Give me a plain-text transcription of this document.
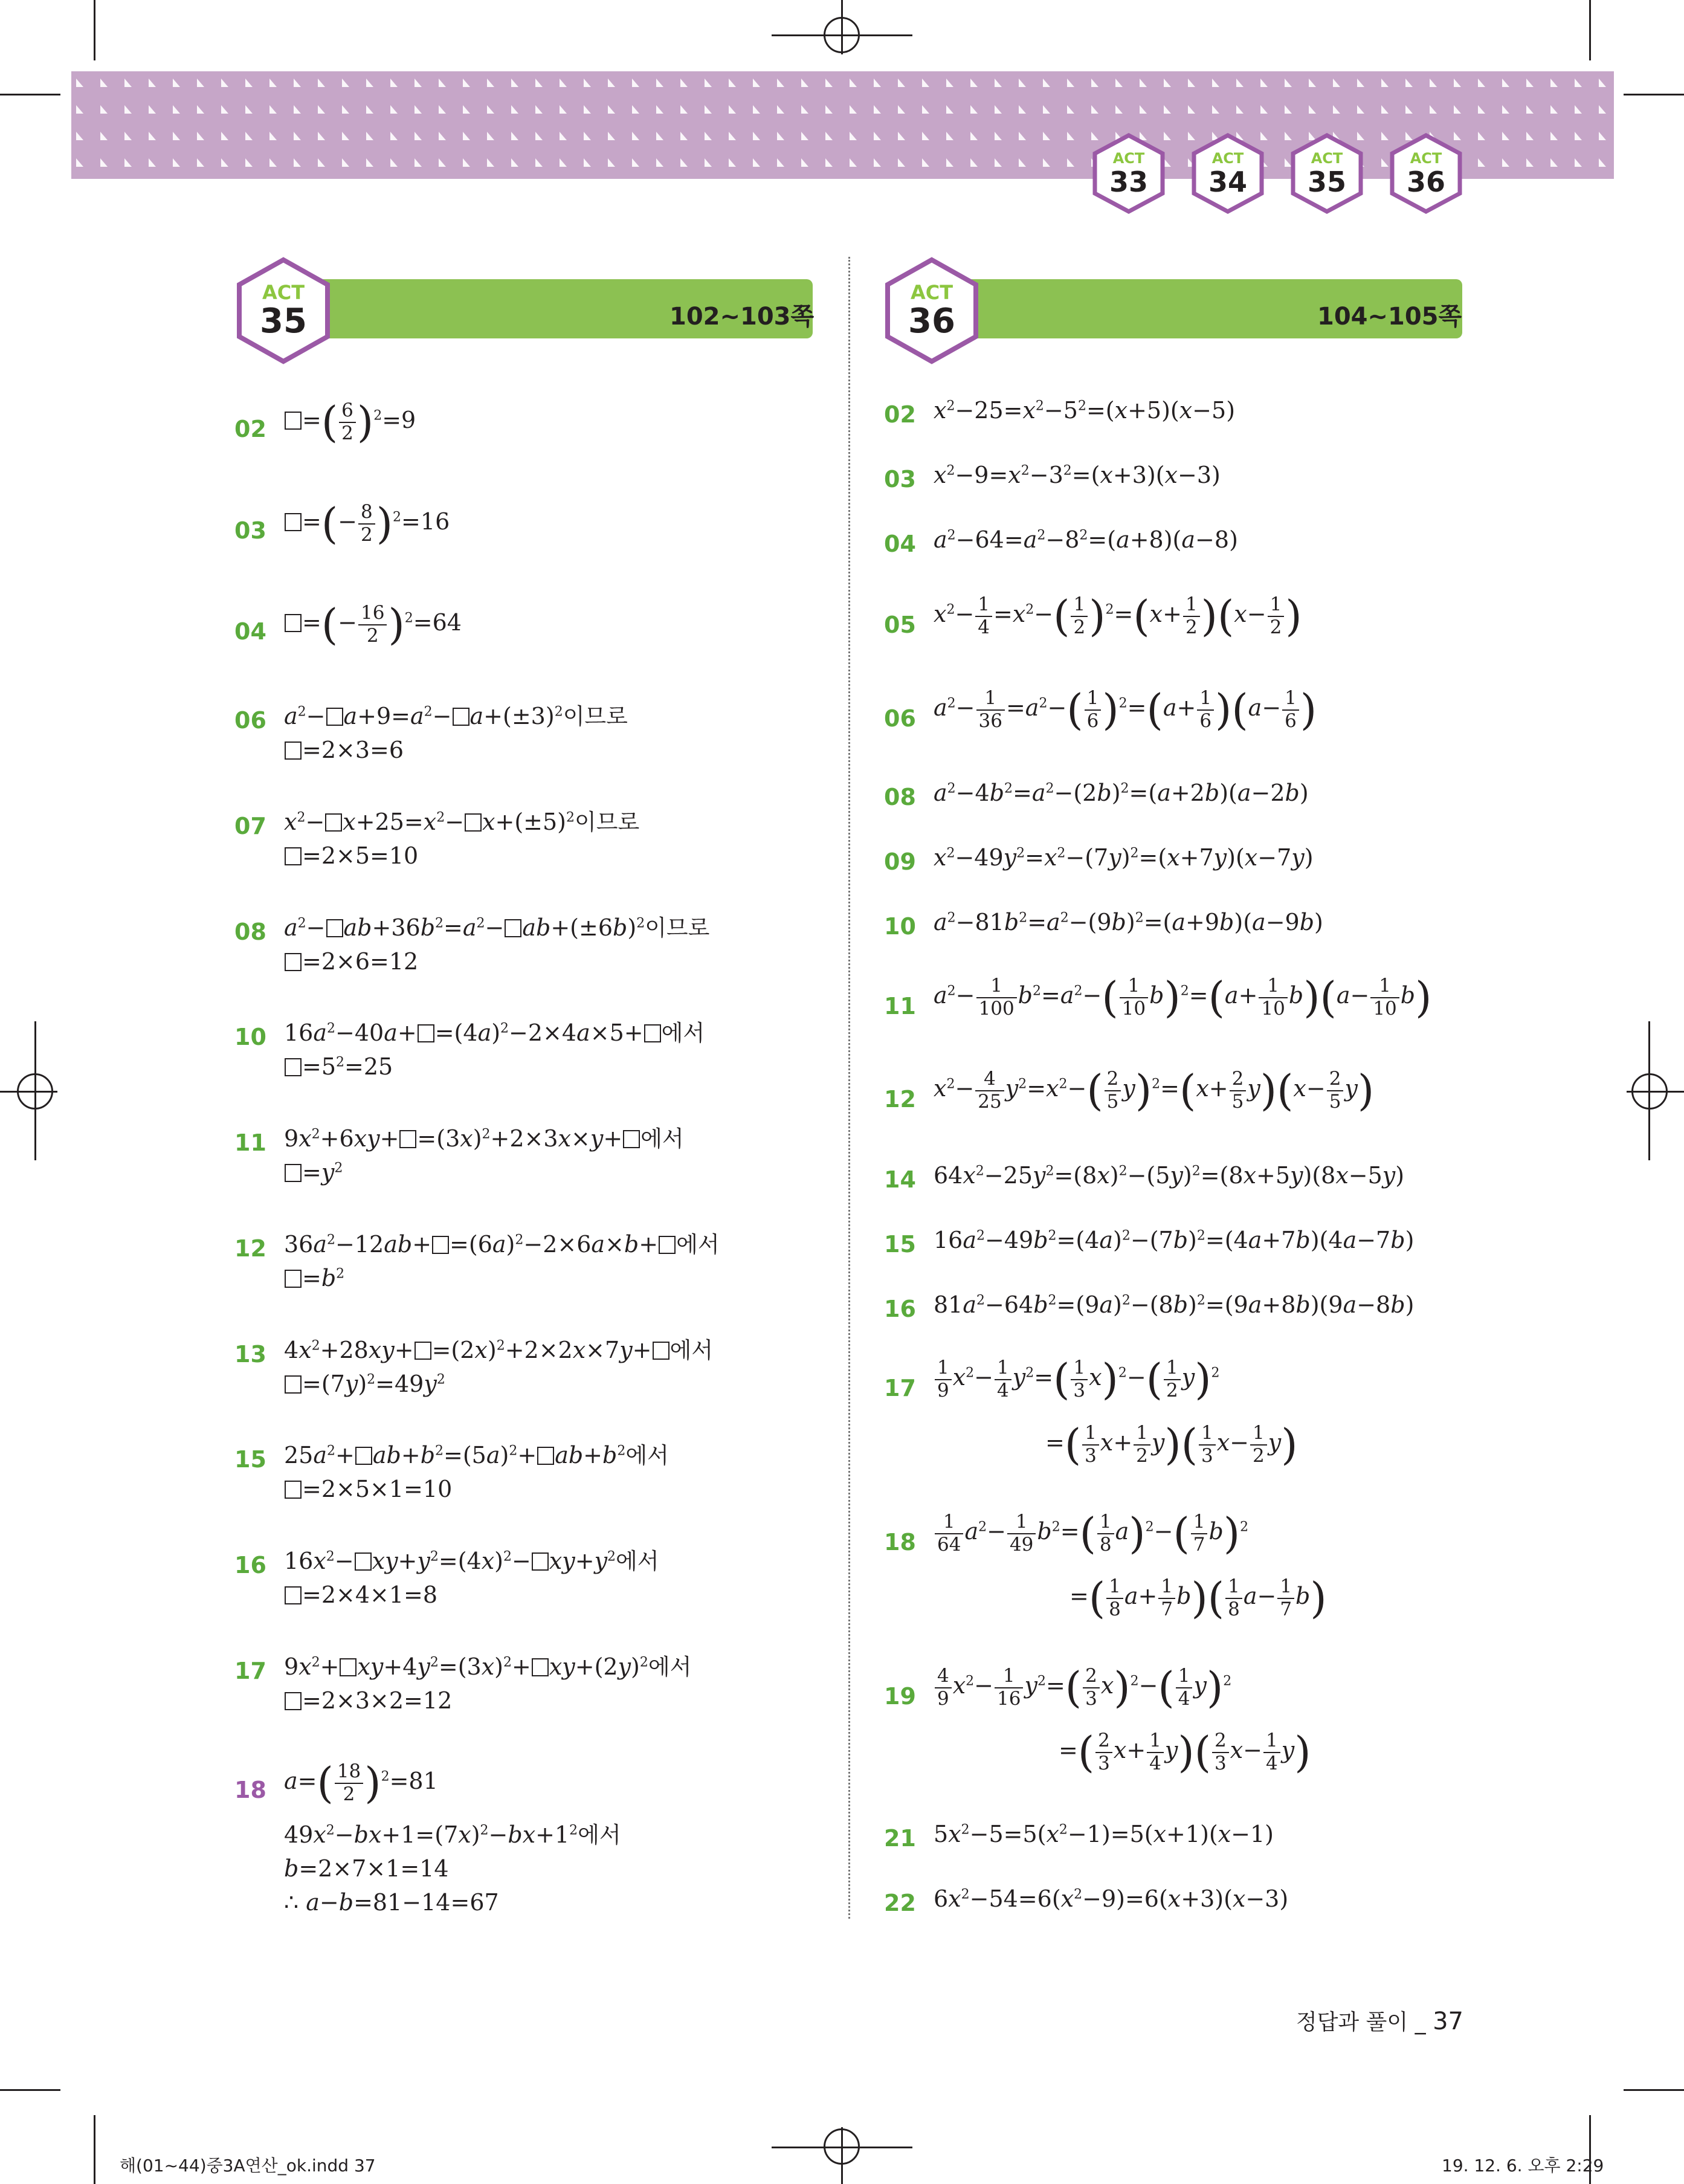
ACT
33
ACT
34
ACT
35
ACT
36
102~103쪽
ACT
35	104~105쪽
ACT
36
02	=( $\frac{6}{2} )^2=9$
03	=(− $\frac{8}{2} )^2=16$
04	=(− $\frac{16}{2} )^2=64$
06 $a^2- a+9=a^2- a+(\pm 3)^2$이므로
=2×3=6
07 $x^2- x+25=x^2- x+(\pm 5)^2$이므로
=2×5=10
08 $a^2- ab+36b^2=a^2- ab+(\pm 6b)^2$이므로
=2×6=12
10 $16a^2-40a+ =(4a)^2-2\times 4a\times 5+$ 에서
$=5^2=25$
11 $9x^2+6xy+ =(3x)^2+2\times 3x\times y+$ 에서
$=y^2$
12 $36a^2-12ab+ =(6a)^2-2\times 6a\times b+$ 에서
$=b^2$
13 $4x^2+28xy+ =(2x)^2+2\times 2x\times 7y+$ 에서
$=(7y)^2=49y^2$
15 $25a^2+ ab+b^2=(5a)^2+ ab+b^2$에서
=2×5×1=10
16 $16x^2- xy+y^2=(4x)^2- xy+y^2$에서
=2×4×1=8
17 $9x^2+ xy+4y^2=(3x)^2+ xy+(2y)^2$에서
=2×3×2=12
18 $a=( \frac{18}{2} )^2=81$
$49x^2-bx+1=(7x)^2-bx+1^2$에서
b=2×7×1=14
∴ a−b=81−14=67
02 $x^2-25=x^2-5^2=(x+5)(x-5)$
03 $x^2-9=x^2-3^2=(x+3)(x-3)$
04 $a^2-64=a^2-8^2=(a+8)(a-8)$
05 $x^2- \frac{1}{4} =x^2-( \frac{1}{2} )^2=(x+ \frac{1}{2} )(x- \frac{1}{2}$ )
06 $a^2- \frac{1}{36} =a^2-( \frac{1}{6} )^2=(a+ \frac{1}{6} )(a- \frac{1}{6}$ )
08 $a^2-4b^2=a^2-(2b)^2=(a+2b)(a-2b)$
09 $x^2-49y^2=x^2-(7y)^2=(x+7y)(x-7y)$
10 $a^2-81b^2=a^2-(9b)^2=(a+9b)(a-9b)$
11 $a^2- \frac{1}{100} b^2=a^2-( \frac{1}{10} b)^2=(a+ \frac{1}{10} b)(a- \frac{1}{10} b)$
12 $x^2- \frac{4}{25} y^2=x^2-( \frac{2}{5} y)^2=(x+ \frac{2}{5} y)(x- \frac{2}{5} y)$
14 $64x^2-25y^2=(8x)^2-(5y)^2=(8x+5y)(8x-5y)$
15 $16a^2-49b^2=(4a)^2-(7b)^2=(4a+7b)(4a-7b)$
16 $81a^2-64b^2=(9a)^2-(8b)^2=(9a+8b)(9a-8b)$
$17 \frac{1}{9} x^2- \frac{1}{4} y^2=( \frac{1}{3} x)^2-( \frac{1}{2} y)^2$
=( $\frac{1}{3} x+ \frac{1}{2} y)( \frac{1}{3} x- \frac{1}{2} y)$
$18 \frac{1}{64} a^2- \frac{1}{49} b^2=( \frac{1}{8} a)^2-( \frac{1}{7} b)^2$
=( $\frac{1}{8} a+ \frac{1}{7} b)( \frac{1}{8} a- \frac{1}{7} b)$
$19 \frac{4}{9} x^2- \frac{1}{16} y^2=( \frac{2}{3} x)^2-( \frac{1}{4} y)^2$
=( $\frac{2}{3} x+ \frac{1}{4} y)( \frac{2}{3} x- \frac{1}{4} y)$
21 $5x^2-5=5(x^2-1)=5(x+1)(x-1)$
22 $6x^2-54=6(x^2-9)=6(x+3)(x-3)$
정답과 풀이 _ 37
해(01~44)중3A연산_ok.indd 37	19. 12. 6. 오후 2:29
